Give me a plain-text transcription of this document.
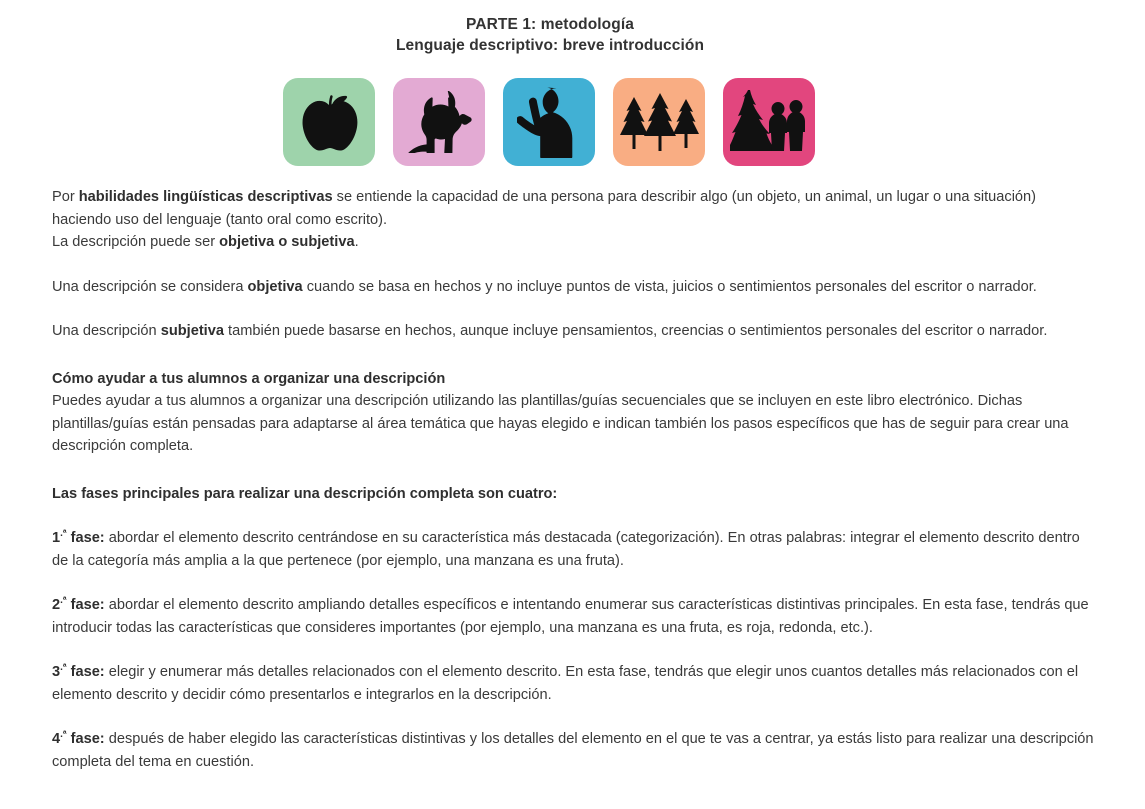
PARTE 1: metodología
Lenguaje descriptivo: breve introducción

Por habilidades lingüísticas descriptivas se entiende la capacidad de una persona para describir algo (un objeto, un animal, un lugar o una situación) haciendo uso del lenguaje (tanto oral como escrito).

La descripción puede ser objetiva o subjetiva.

Una descripción se considera objetiva cuando se basa en hechos y no incluye puntos de vista, juicios o sentimientos personales del escritor o narrador.

Una descripción subjetiva también puede basarse en hechos, aunque incluye pensamientos, creencias o sentimientos personales del escritor o narrador.

Cómo ayudar a tus alumnos a organizar una descripción

Puedes ayudar a tus alumnos a organizar una descripción utilizando las plantillas/guías secuenciales que se incluyen en este libro electrónico. Dichas plantillas/guías están pensadas para adaptarse al área temática que hayas elegido e indican también los pasos específicos que has de seguir para crear una descripción completa.

Las fases principales para realizar una descripción completa son cuatro:

$1^{.ª}$ fase: abordar el elemento descrito centrándose en su característica más destacada (categorización). En otras palabras: integrar el elemento descrito dentro de la categoría más amplia a la que pertenece (por ejemplo, una manzana es una fruta).

$2^{.ª}$ fase: abordar el elemento descrito ampliando detalles específicos e intentando enumerar sus características distintivas principales. En esta fase, tendrás que introducir todas las características que consideres importantes (por ejemplo, una manzana es una fruta, es roja, redonda, etc.).

$3^{.ª}$ fase: elegir y enumerar más detalles relacionados con el elemento descrito. En esta fase, tendrás que elegir unos cuantos detalles más relacionados con el elemento descrito y decidir cómo presentarlos e integrarlos en la descripción.

$4^{.ª}$ fase: después de haber elegido las características distintivas y los detalles del elemento en el que te vas a centrar, ya estás listo para realizar una descripción completa del tema en cuestión.
